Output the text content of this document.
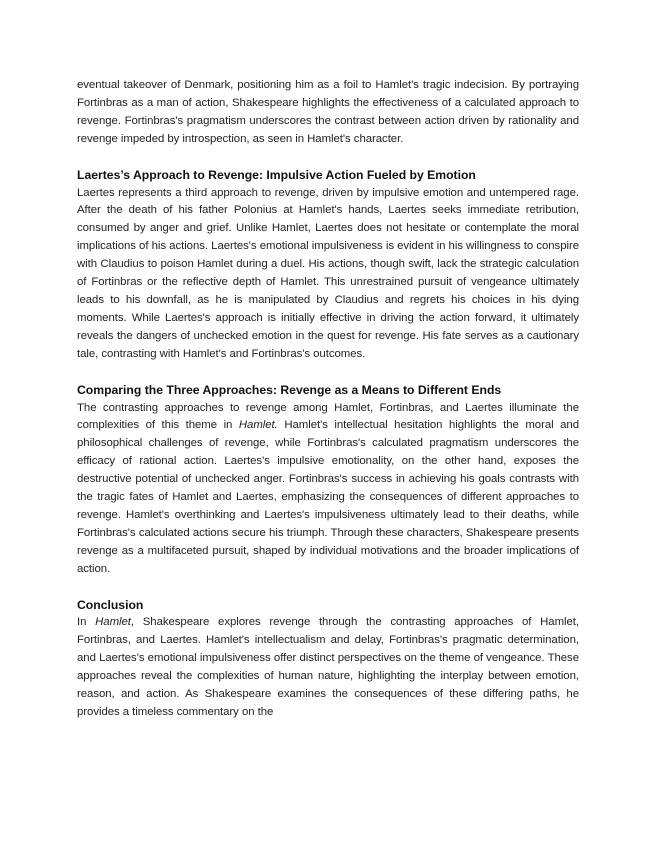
eventual takeover of Denmark, positioning him as a foil to Hamlet's tragic indecision. By portraying Fortinbras as a man of action, Shakespeare highlights the effectiveness of a calculated approach to revenge. Fortinbras's pragmatism underscores the contrast between action driven by rationality and revenge impeded by introspection, as seen in Hamlet's character.

Laertes’s Approach to Revenge: Impulsive Action Fueled by Emotion

Laertes represents a third approach to revenge, driven by impulsive emotion and untempered rage. After the death of his father Polonius at Hamlet's hands, Laertes seeks immediate retribution, consumed by anger and grief. Unlike Hamlet, Laertes does not hesitate or contemplate the moral implications of his actions. Laertes's emotional impulsiveness is evident in his willingness to conspire with Claudius to poison Hamlet during a duel. His actions, though swift, lack the strategic calculation of Fortinbras or the reflective depth of Hamlet. This unrestrained pursuit of vengeance ultimately leads to his downfall, as he is manipulated by Claudius and regrets his choices in his dying moments. While Laertes's approach is initially effective in driving the action forward, it ultimately reveals the dangers of unchecked emotion in the quest for revenge. His fate serves as a cautionary tale, contrasting with Hamlet's and Fortinbras's outcomes.

Comparing the Three Approaches: Revenge as a Means to Different Ends

The contrasting approaches to revenge among Hamlet, Fortinbras, and Laertes illuminate the complexities of this theme in Hamlet. Hamlet's intellectual hesitation highlights the moral and philosophical challenges of revenge, while Fortinbras's calculated pragmatism underscores the efficacy of rational action. Laertes's impulsive emotionality, on the other hand, exposes the destructive potential of unchecked anger. Fortinbras's success in achieving his goals contrasts with the tragic fates of Hamlet and Laertes, emphasizing the consequences of different approaches to revenge. Hamlet's overthinking and Laertes's impulsiveness ultimately lead to their deaths, while Fortinbras's calculated actions secure his triumph. Through these characters, Shakespeare presents revenge as a multifaceted pursuit, shaped by individual motivations and the broader implications of action.

Conclusion

In Hamlet, Shakespeare explores revenge through the contrasting approaches of Hamlet, Fortinbras, and Laertes. Hamlet's intellectualism and delay, Fortinbras's pragmatic determination, and Laertes's emotional impulsiveness offer distinct perspectives on the theme of vengeance. These approaches reveal the complexities of human nature, highlighting the interplay between emotion, reason, and action. As Shakespeare examines the consequences of these differing paths, he provides a timeless commentary on the
